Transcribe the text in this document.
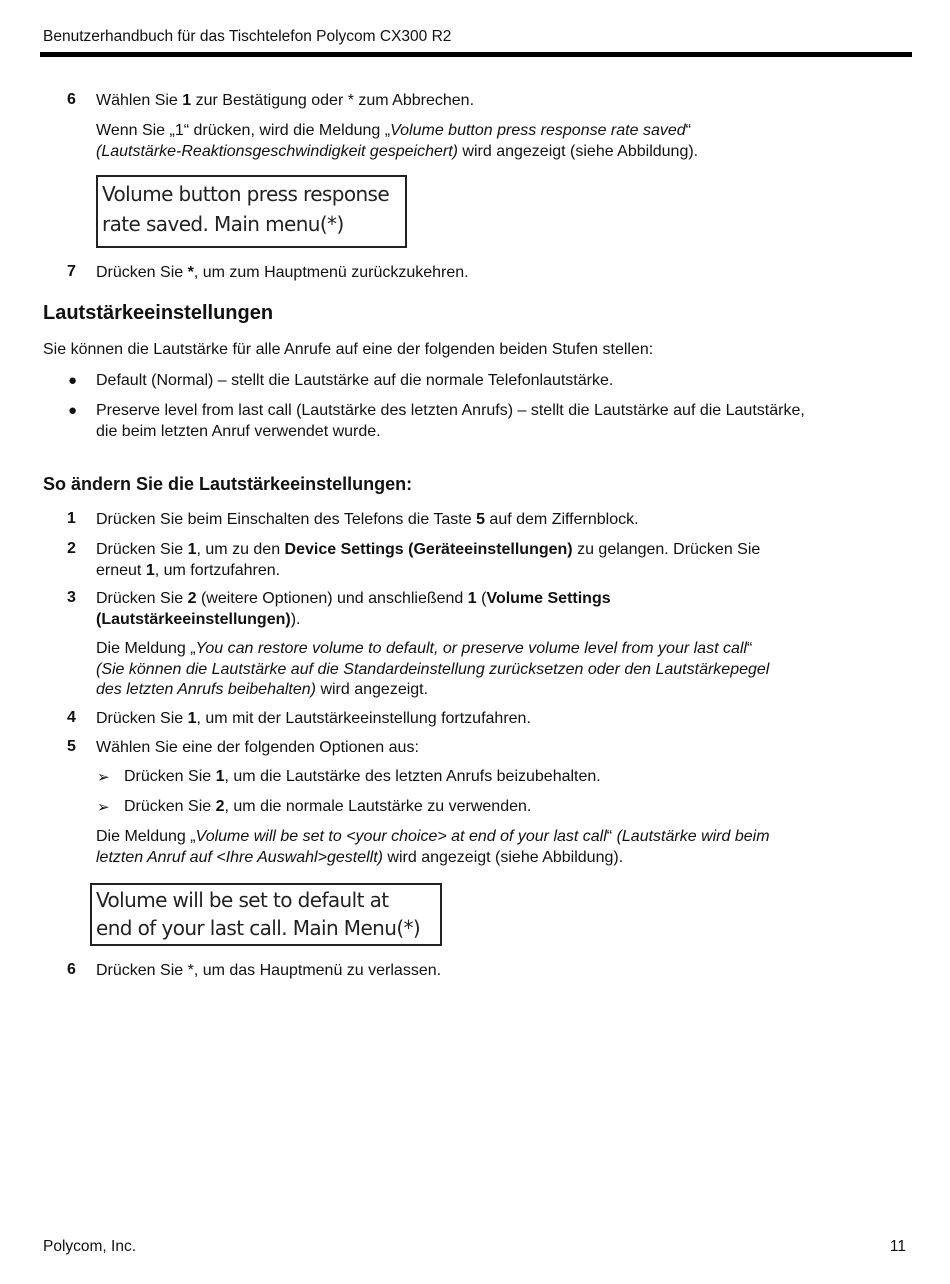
Benutzerhandbuch für das Tischtelefon Polycom CX300 R2
6 Wählen Sie 1 zur Bestätigung oder * zum Abbrechen.
Wenn Sie „1“ drücken, wird die Meldung „Volume button press response rate saved“
(Lautstärke-Reaktionsgeschwindigkeit gespeichert) wird angezeigt (siehe Abbildung).
Volume button press response
rate saved. Main menu(*)
7 Drücken Sie *, um zum Hauptmenü zurückzukehren.
Lautstärkeeinstellungen
Sie können die Lautstärke für alle Anrufe auf eine der folgenden beiden Stufen stellen:
● Default (Normal) – stellt die Lautstärke auf die normale Telefonlautstärke.
● Preserve level from last call (Lautstärke des letzten Anrufs) – stellt die Lautstärke auf die Lautstärke,
die beim letzten Anruf verwendet wurde.
So ändern Sie die Lautstärkeeinstellungen:
1 Drücken Sie beim Einschalten des Telefons die Taste 5 auf dem Ziffernblock.
2 Drücken Sie 1, um zu den Device Settings (Geräteeinstellungen) zu gelangen. Drücken Sie
erneut 1, um fortzufahren.
3 Drücken Sie 2 (weitere Optionen) und anschließend 1 (Volume Settings
(Lautstärkeeinstellungen)).
Die Meldung „You can restore volume to default, or preserve volume level from your last call“
(Sie können die Lautstärke auf die Standardeinstellung zurücksetzen oder den Lautstärkepegel
des letzten Anrufs beibehalten) wird angezeigt.
4 Drücken Sie 1, um mit der Lautstärkeeinstellung fortzufahren.
5 Wählen Sie eine der folgenden Optionen aus:
➢ Drücken Sie 1, um die Lautstärke des letzten Anrufs beizubehalten.
➢ Drücken Sie 2, um die normale Lautstärke zu verwenden.
Die Meldung „Volume will be set to <your choice> at end of your last call“ (Lautstärke wird beim
letzten Anruf auf <Ihre Auswahl>gestellt) wird angezeigt (siehe Abbildung).
Volume will be set to default at
end of your last call. Main Menu(*)
6 Drücken Sie *, um das Hauptmenü zu verlassen.
Polycom, Inc.	11
